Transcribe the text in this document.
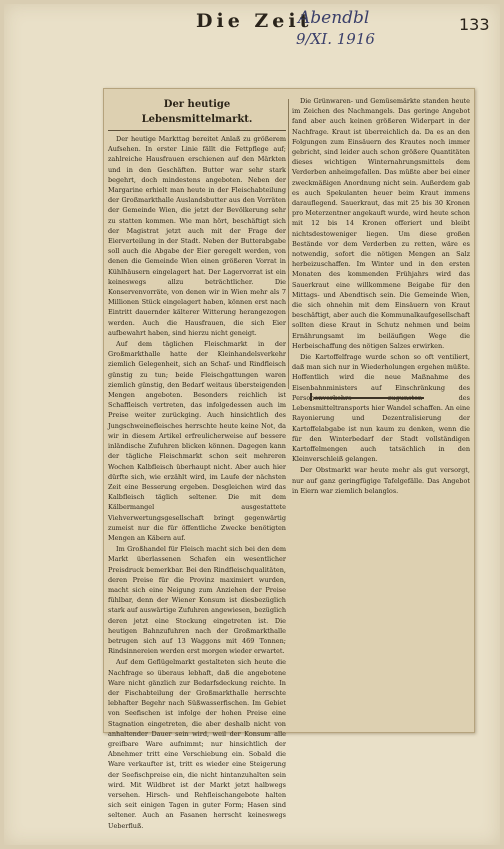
Die Zeit
Abendbl
9/XI. 1916
133
Der heutige Lebensmittelmarkt.

Der heutige Markttag bereitet Anlaß zu größerem Aufsehen. In erster Linie fällt die Fettpflege auf; zahlreiche Hausfrauen erschienen auf den Märkten und in den Geschäften. Butter war sehr stark begehrt, doch mindestens angeboten. Neben der Margarine erhielt man heute in der Fleischabteilung der Großmarkthalle Auslandsbutter aus den Vorräten der Gemeinde Wien, die jetzt der Bevölkerung sehr zu statten kommen. Wie man hört, beschäftigt sich der Magistrat jetzt auch mit der Frage der Eierverteilung in der Stadt. Neben der Butterabgabe soll auch die Abgabe der Eier geregelt werden, von denen die Gemeinde Wien einen größeren Vorrat in Kühlhäusern eingelagert hat. Der Lagervorrat ist ein keineswegs allzu beträchtlicher. Die Konservenvorräte, von denen wir in Wien mehr als 7 Millionen Stück eingelagert haben, können erst nach Eintritt dauernder kälterer Witterung herangezogen werden. Auch die Hausfrauen, die sich Eier aufbewahrt haben, sind hierzu nicht geneigt.

Auf dem täglichen Fleischmarkt in der Großmarkthalle hatte der Kleinhandelsverkehr ziemlich Gelegenheit, sich an Schaf- und Rindfleisch günstig zu tun; beide Fleischgattungen waren ziemlich günstig, den Bedarf weitaus übersteigenden Mengen angeboten. Besonders reichlich ist Schaffleisch vertreten, das infolgedessen auch im Preise weiter zurückging. Auch hinsichtlich des Jungschweinefleisches herrschte heute keine Not, da wir in diesem Artikel erfreulicherweise auf bessere inländische Zufuhren blicken können. Dagegen kann der tägliche Fleischmarkt schon seit mehreren Wochen Kalbfleisch überhaupt nicht. Aber auch hier dürfte sich, wie erzählt wird, im Laufe der nächsten Zeit eine Besserung ergeben. Desgleichen wird das Kalbfleisch täglich seltener. Die mit dem Kälbermangel ausgestattete Viehverwertungsgesellschaft bringt gegenwärtig zumeist nur die für öffentliche Zwecke benötigten Mengen an Käbern auf.

Im Großhandel für Fleisch macht sich bei den dem Markt überlassenen Schafen ein wesentlicher Preisdruck bemerkbar. Bei den Rindfleischqualitäten, deren Preise für die Provinz maximiert wurden, macht sich eine Neigung zum Anziehen der Preise fühlbar, denn der Wiener Konsum ist diesbezüglich stark auf auswärtige Zufuhren angewiesen, bezüglich deren jetzt eine Stockung eingetreten ist. Die heutigen Bahnzufuhren nach der Großmarkthalle betrugen sich auf 13 Waggons mit 469 Tonnen; Rindsinnereien werden erst morgen wieder erwartet.

Auf dem Geflügelmarkt gestalteten sich heute die Nachfrage so überaus lebhaft, daß die angebotene Ware nicht gänzlich zur Bedarfsdeckung reichte. In der Fischabteilung der Großmarkthalle herrschte lebhafter Begehr nach Süßwasserfischen. Im Gebiet von Seefischen ist infolge der hohen Preise eine Stagnation eingetreten, die aber deshalb nicht von anhaltender Dauer sein wird, weil der Konsum alle greifbare Ware aufnimmt; nur hinsichtlich der Abnehmer tritt eine Verschiebung ein. Sobald die Ware verkaufter ist, tritt es wieder eine Steigerung der Seefischpreise ein, die nicht hintanzuhalten sein wird. Mit Wildbret ist der Markt jetzt halbwegs versehen. Hirsch- und Rehfleischangebote halten sich seit einigen Tagen in guter Form; Hasen sind seltener. Auch an Fasanen herrscht keineswegs Ueberfluß.

Die Grünwaren- und Gemüsemärkte standen heute im Zeichen des Nachmangels. Das geringe Angebot fand aber auch keinen größeren Widerpart in der Nachfrage. Kraut ist überreichlich da. Da es an den Folgungen zum Einsäuern des Krautes noch immer gebricht, sind leider auch schon größere Quantitäten dieses wichtigen Winternahrungsmittels dem Verderben anheimgefallen. Das müßte aber bei einer zweckmäßigen Anordnung nicht sein. Außerdem gab es auch Spekulanten heuer beim Kraut immens darauflegend. Sauerkraut, das mit 25 bis 30 Kronen pro Meterzentner angekauft wurde, wird heute schon mit 12 bis 14 Kronen offeriert und bleibt nichtsdestoweniger liegen. Um diese großen Bestände vor dem Verderben zu retten, wäre es notwendig, sofort die nötigen Mengen an Salz herbeizuschaffen. Im Winter und in den ersten Monaten des kommenden Frühjahrs wird das Sauerkraut eine willkommene Beigabe für den Mittags- und Abendtisch sein. Die Gemeinde Wien, die sich ohnehin mit dem Einsäuern von Kraut beschäftigt, aber auch die Kommunalkaufgesellschaft sollten diese Kraut in Schutz nehmen und beim Ernährungsamt im beiläufigen Wege die Herbeischaffung des nötigen Salzes erwirken.

Die Kartoffelfrage wurde schon so oft ventiliert, daß man sich nur in Wiederholungen ergehen müßte. Hoffentlich wird die neue Maßnahme des Eisenbahnministers auf Einschränkung des Personenverkehrs zugunsten des Lebensmitteltransports hier Wandel schaffen. An eine Rayonierung und Dezentralisierung der Kartoffelabgabe ist nun kaum zu denken, wenn die für den Winterbedarf der Stadt vollständigen Kartoffelmengen auch tatsächlich in den Kleinverschleiß gelangen.

Der Obstmarkt war heute mehr als gut versorgt, nur auf ganz geringfügige Tafelgefälle. Das Angebot in Eiern war ziemlich belanglos.
